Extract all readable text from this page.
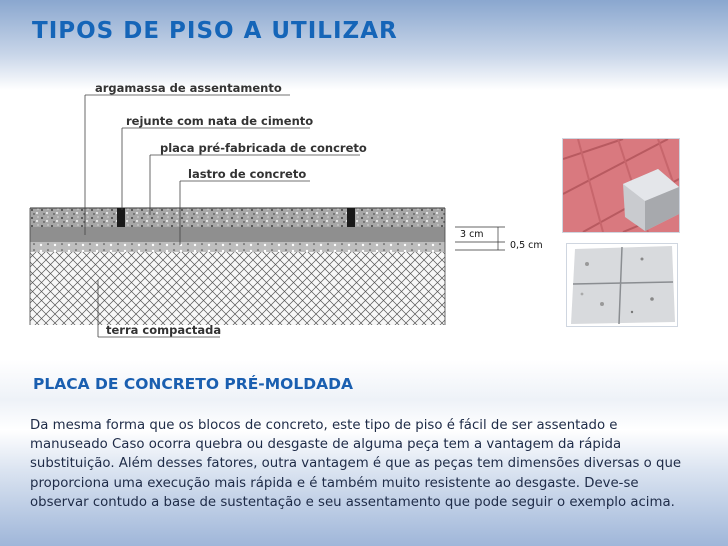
TIPOS DE PISO A UTILIZAR
argamassa de assentamento
rejunte com nata de cimento
placa pré-fabricada de concreto
lastro de concreto
terra compactada
3 cm
0,5 cm
PLACA DE CONCRETO PRÉ-MOLDADA

Da mesma forma que os blocos de concreto, este tipo de piso é fácil de ser assentado e manuseado Caso ocorra quebra ou desgaste de alguma peça tem a vantagem da rápida substituição. Além desses fatores, outra vantagem é que as peças tem dimensões diversas o que proporciona uma execução mais rápida e é também muito resistente ao desgaste. Deve-se observar contudo a base de sustentação e seu assentamento que pode seguir o exemplo acima.
